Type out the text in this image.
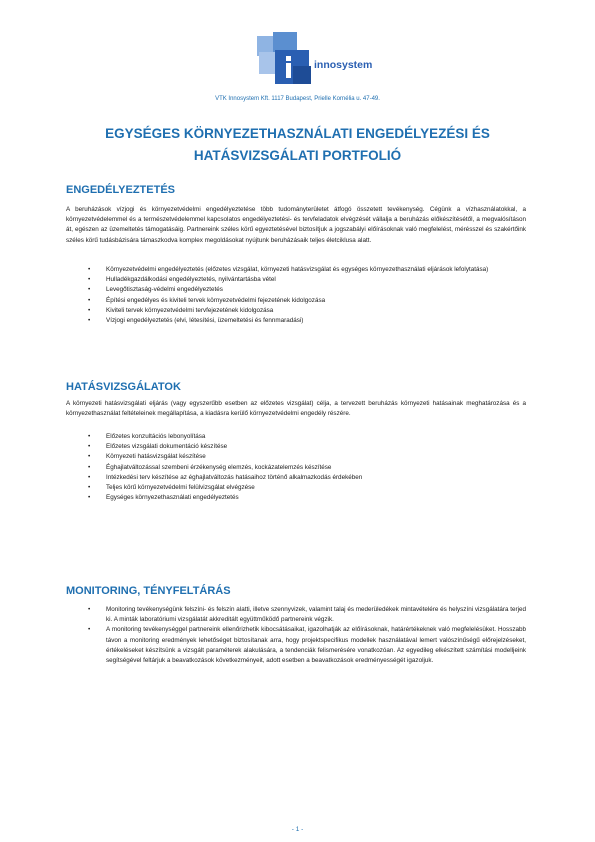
innosystem
VTK Innosystem Kft. 1117 Budapest, Prielle Kornélia u. 47-49.
EGYSÉGES KÖRNYEZETHASZNÁLATI ENGEDÉLYEZÉSI ÉS
HATÁSVIZSGÁLATI PORTFOLIÓ
ENGEDÉLYEZTETÉS

A beruházások vízjogi és környezetvédelmi engedélyeztetése több tudományterületet átfogó összetett tevékenység. Cégünk a vízhasználatokkal, a környezetvédelemmel és a természetvédelemmel kapcsolatos engedélyeztetési- és tervfeladatok elvégzését vállalja a beruházás előkészítésétől, a megvalósításon át, egészen az üzemeltetés támogatásáig. Partnereink széles körű egyeztetésével biztosítjuk a jogszabályi előírásoknak való megfelelést, mérésszel és szakértőink széles körű tudásbázisára támaszkodva komplex megoldásokat nyújtunk beruházásaik teljes életciklusa alatt.

• Környezetvédelmi engedélyeztetés (előzetes vizsgálat, környezeti hatásvizsgálat és egységes környezethasználati eljárások lefolytatása)
• Hulladékgazdálkodási engedélyeztetés, nyilvántartásba vétel
• Levegőtisztaság-védelmi engedélyeztetés
• Építési engedélyes és kiviteli tervek környezetvédelmi fejezetének kidolgozása
• Kiviteli tervek környezetvédelmi tervfejezetének kidolgozása
• Vízjogi engedélyeztetés (elvi, létesítési, üzemeltetési és fennmaradási)
HATÁSVIZSGÁLATOK

A környezeti hatásvizsgálati eljárás (vagy egyszerűbb esetben az előzetes vizsgálat) célja, a tervezett beruházás környezeti hatásainak meghatározása és a környezethasználat feltételeinek megállapítása, a kiadásra kerülő környezetvédelmi engedély részére.

• Előzetes konzultációs lebonyolítása
• Előzetes vizsgálati dokumentáció készítése
• Környezeti hatásvizsgálat készítése
• Éghajlatváltozással szembeni érzékenység elemzés, kockázatelemzés készítése
• Intézkedési terv készítése az éghajlatváltozás hatásaihoz történő alkalmazkodás érdekében
• Teljes körű környezetvédelmi felülvizsgálat elvégzése
• Egységes környezethasználati engedélyeztetés
MONITORING, TÉNYFELTÁRÁS
• Monitoring tevékenységünk felszíni- és felszín alatti, illetve szennyvizek, valamint talaj és mederüledékek mintavételére és helyszíni vizsgálatára terjed ki. A minták laboratóriumi vizsgálatát akkreditált együttműködő partnereink végzik.
• A monitoring tevékenységgel partnereink ellenőrizhetik kibocsátásaikat, igazolhatják az előírásoknak, határértékeknek való megfelelésüket. Hosszabb távon a monitoring eredmények lehetőséget biztosítanak arra, hogy projektspecifikus modellek használatával lemert valószínűségű előrejelzéseket, értékeléseket készítsünk a vizsgált paraméterek alakulására, a tendenciák felismerésére vonatkozóan. Az egyedileg elkészített számítási modelljeink segítségével feltárjuk a beavatkozások következményeit, adott esetben a beavatkozások eredményességét igazoljuk.
- 1 -
